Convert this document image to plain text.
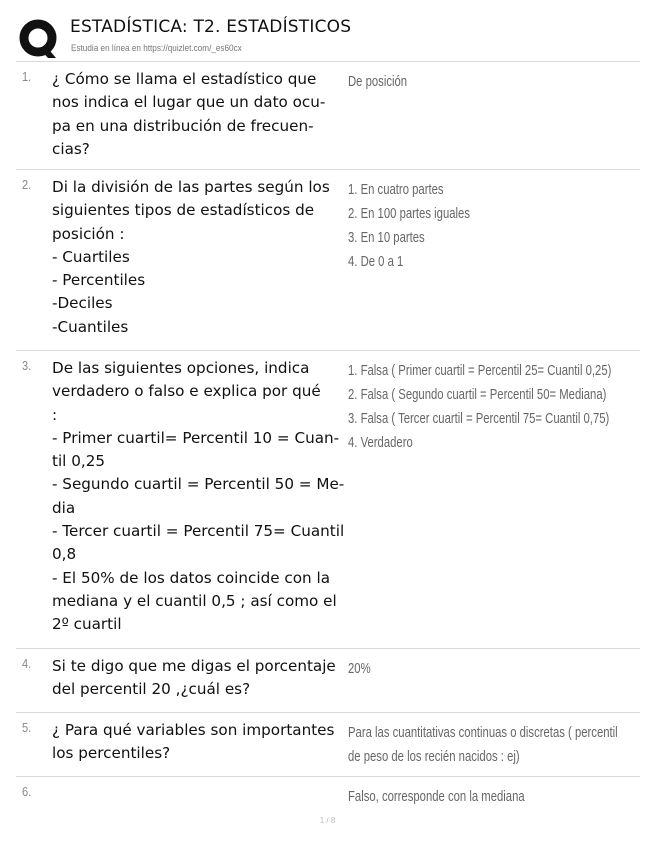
ESTADÍSTICA: T2. ESTADÍSTICOS
Estudia en línea en https://quizlet.com/_es60cx
1. ¿ Cómo se llama el estadístico que
nos indica el lugar que un dato ocu-
pa en una distribución de frecuen-
cias?
De posición
2. Di la división de las partes según los
siguientes tipos de estadísticos de
posición :
- Cuartiles
- Percentiles
-Deciles
-Cuantiles
1. En cuatro partes
2. En 100 partes iguales
3. En 10 partes
4. De 0 a 1
3. De las siguientes opciones, indica
verdadero o falso e explica por qué
:
- Primer cuartil= Percentil 10 = Cuan-
til 0,25
- Segundo cuartil = Percentil 50 = Me-
dia
- Tercer cuartil = Percentil 75= Cuantil
0,8
- El 50% de los datos coincide con la
mediana y el cuantil 0,5 ; así como el
2º cuartil
1. Falsa ( Primer cuartil = Percentil 25= Cuantil 0,25)
2. Falsa ( Segundo cuartil = Percentil 50= Mediana)
3. Falsa ( Tercer cuartil = Percentil 75= Cuantil 0,75)
4. Verdadero
4. Si te digo que me digas el porcentaje
del percentil 20 ,¿cuál es?
20%
5. ¿ Para qué variables son importantes
los percentiles?
Para las cuantitativas continuas o discretas ( percentil
de peso de los recién nacidos : ej)
6.	Falso, corresponde con la mediana
1 / 8
